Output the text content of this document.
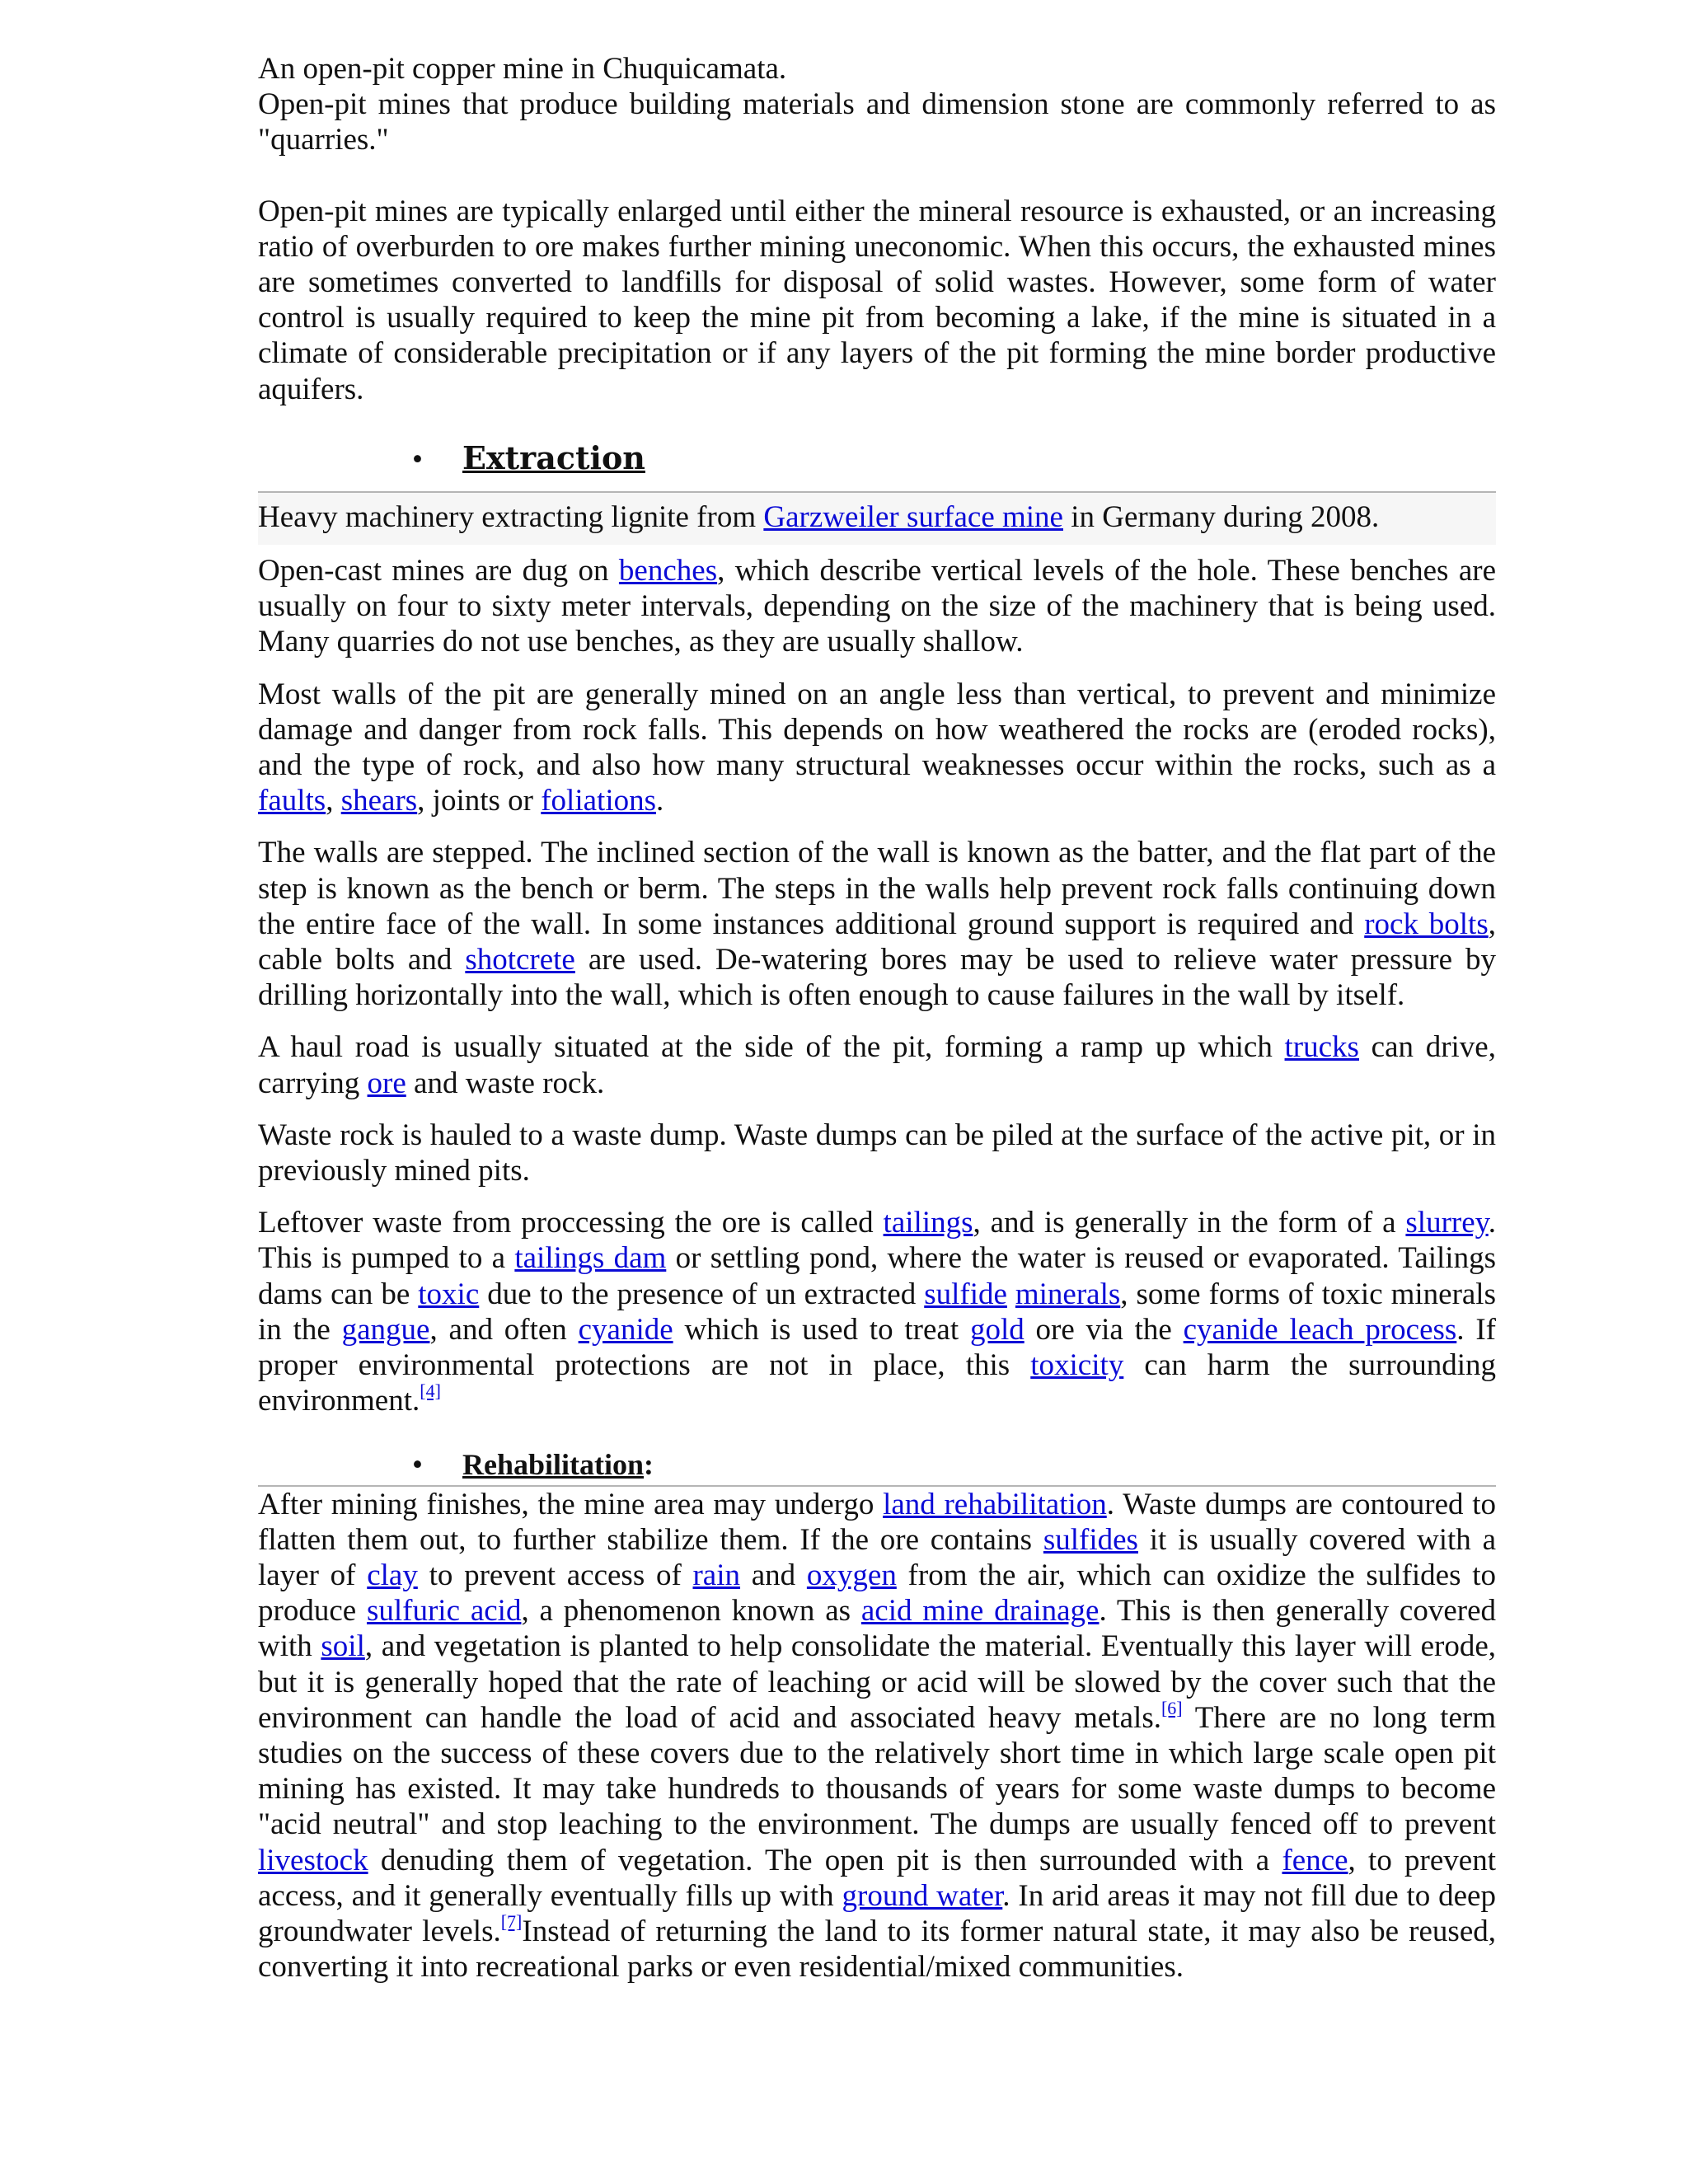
An open-pit copper mine in Chuquicamata.

Open-pit mines that produce building materials and dimension stone are commonly referred to as "quarries."

Open-pit mines are typically enlarged until either the mineral resource is exhausted, or an increasing ratio of overburden to ore makes further mining uneconomic. When this occurs, the exhausted mines are sometimes converted to landfills for disposal of solid wastes. However, some form of water control is usually required to keep the mine pit from becoming a lake, if the mine is situated in a climate of considerable precipitation or if any layers of the pit forming the mine border productive aquifers.

• Extraction

Heavy machinery extracting lignite from Garzweiler surface mine in Germany during 2008.

Open-cast mines are dug on benches, which describe vertical levels of the hole. These benches are usually on four to sixty meter intervals, depending on the size of the machinery that is being used. Many quarries do not use benches, as they are usually shallow.

Most walls of the pit are generally mined on an angle less than vertical, to prevent and minimize damage and danger from rock falls. This depends on how weathered the rocks are (eroded rocks), and the type of rock, and also how many structural weaknesses occur within the rocks, such as a faults, shears, joints or foliations.

The walls are stepped. The inclined section of the wall is known as the batter, and the flat part of the step is known as the bench or berm. The steps in the walls help prevent rock falls continuing down the entire face of the wall. In some instances additional ground support is required and rock bolts, cable bolts and shotcrete are used. De-watering bores may be used to relieve water pressure by drilling horizontally into the wall, which is often enough to cause failures in the wall by itself.

A haul road is usually situated at the side of the pit, forming a ramp up which trucks can drive, carrying ore and waste rock.

Waste rock is hauled to a waste dump. Waste dumps can be piled at the surface of the active pit, or in previously mined pits.

Leftover waste from proccessing the ore is called tailings, and is generally in the form of a slurrey. This is pumped to a tailings dam or settling pond, where the water is reused or evaporated. Tailings dams can be toxic due to the presence of un extracted sulfide minerals, some forms of toxic minerals in the gangue, and often cyanide which is used to treat gold ore via the cyanide leach process. If proper environmental protections are not in place, this toxicity can harm the surrounding environment.[4]

• Rehabilitation:

After mining finishes, the mine area may undergo land rehabilitation. Waste dumps are contoured to flatten them out, to further stabilize them. If the ore contains sulfides it is usually covered with a layer of clay to prevent access of rain and oxygen from the air, which can oxidize the sulfides to produce sulfuric acid, a phenomenon known as acid mine drainage. This is then generally covered with soil, and vegetation is planted to help consolidate the material. Eventually this layer will erode, but it is generally hoped that the rate of leaching or acid will be slowed by the cover such that the environment can handle the load of acid and associated heavy metals.[6] There are no long term studies on the success of these covers due to the relatively short time in which large scale open pit mining has existed. It may take hundreds to thousands of years for some waste dumps to become "acid neutral" and stop leaching to the environment. The dumps are usually fenced off to prevent livestock denuding them of vegetation. The open pit is then surrounded with a fence, to prevent access, and it generally eventually fills up with ground water. In arid areas it may not fill due to deep groundwater levels.[7]Instead of returning the land to its former natural state, it may also be reused, converting it into recreational parks or even residential/mixed communities.
